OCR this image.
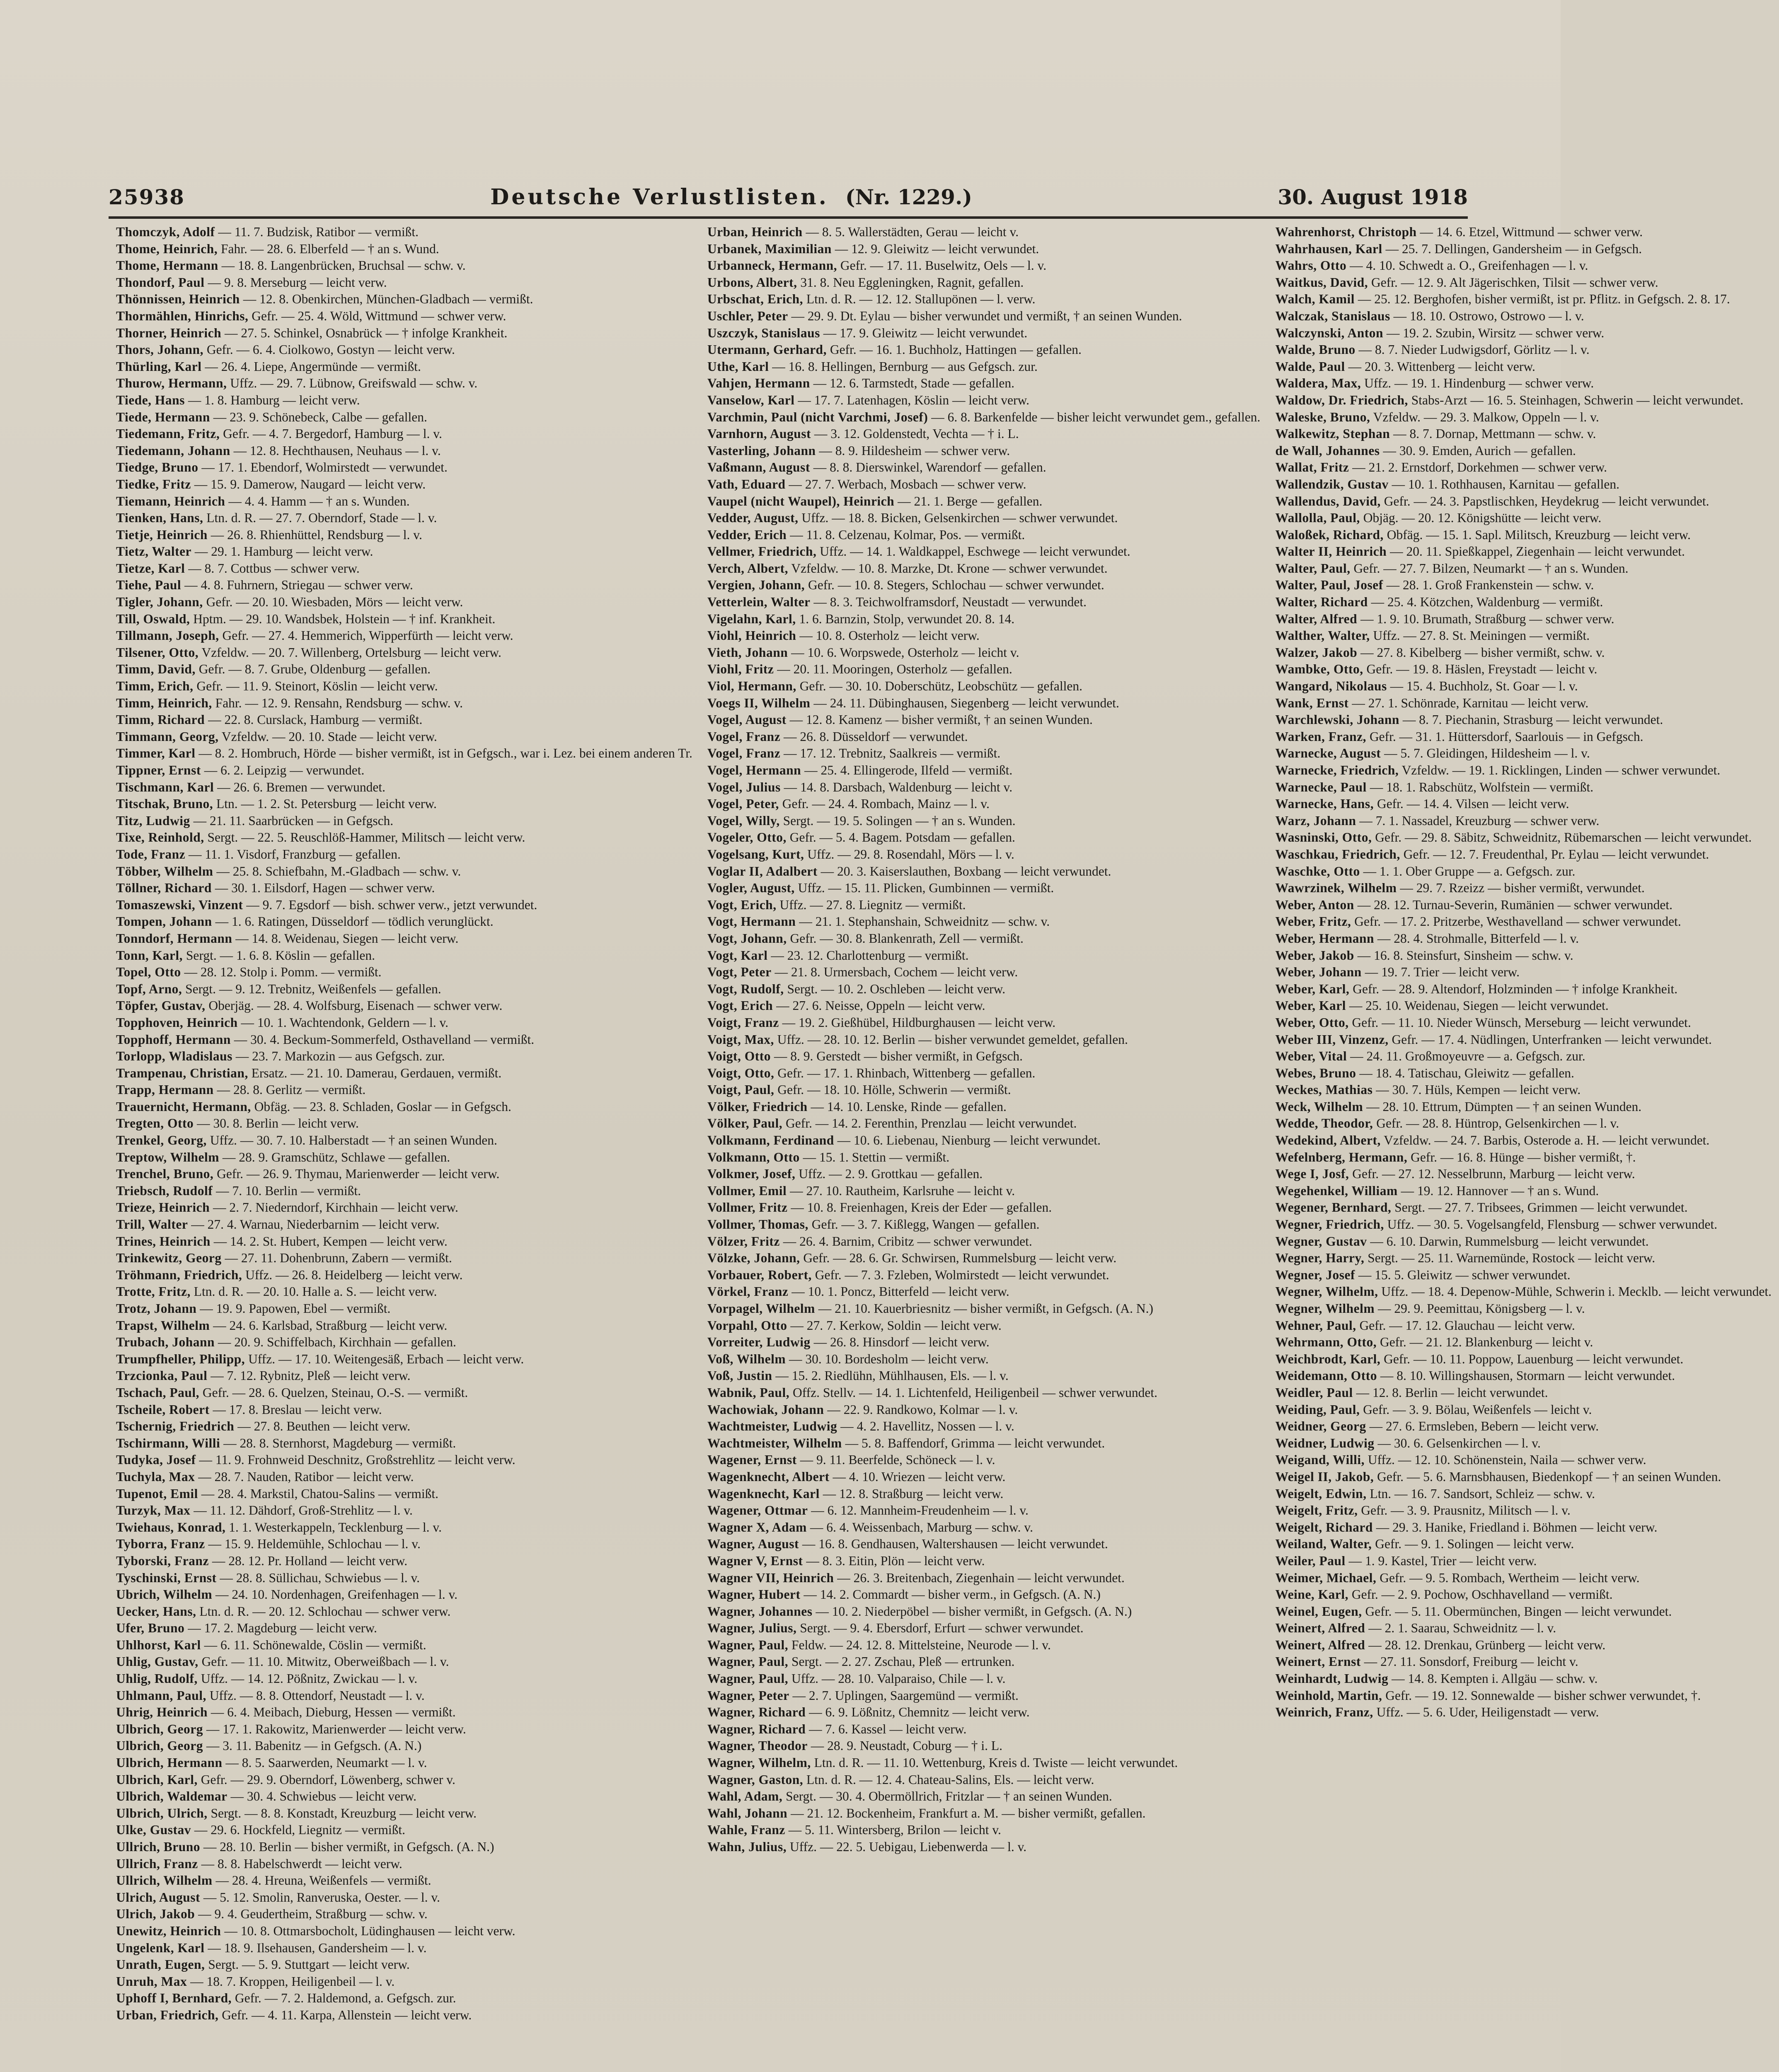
25938	Deutsche Verlustlisten. (Nr. 1229.)	30. August 1918
Thomczyk, Adolf — 11. 7. Budzisk, Ratibor — vermißt.
Thome, Heinrich, Fahr. — 28. 6. Elberfeld — † an s. Wund.
Thome, Hermann — 18. 8. Langenbrücken, Bruchsal — schw. v.
Thondorf, Paul — 9. 8. Merseburg — leicht verw.
Thönnissen, Heinrich — 12. 8. Obenkirchen, München-Gladbach — vermißt.
Thormählen, Hinrichs, Gefr. — 25. 4. Wöld, Wittmund — schwer verw.
Thorner, Heinrich — 27. 5. Schinkel, Osnabrück — † infolge Krankheit.
Thors, Johann, Gefr. — 6. 4. Ciolkowo, Gostyn — leicht verw.
Thürling, Karl — 26. 4. Liepe, Angermünde — vermißt.
Thurow, Hermann, Uffz. — 29. 7. Lübnow, Greifswald — schw. v.
Tiede, Hans — 1. 8. Hamburg — leicht verw.
Tiede, Hermann — 23. 9. Schönebeck, Calbe — gefallen.
Tiedemann, Fritz, Gefr. — 4. 7. Bergedorf, Hamburg — l. v.
Tiedemann, Johann — 12. 8. Hechthausen, Neuhaus — l. v.
Tiedge, Bruno — 17. 1. Ebendorf, Wolmirstedt — verwundet.
Tiedke, Fritz — 15. 9. Damerow, Naugard — leicht verw.
Tiemann, Heinrich — 4. 4. Hamm — † an s. Wunden.
Tienken, Hans, Ltn. d. R. — 27. 7. Oberndorf, Stade — l. v.
Tietje, Heinrich — 26. 8. Rhienhüttel, Rendsburg — l. v.
Tietz, Walter — 29. 1. Hamburg — leicht verw.
Tietze, Karl — 8. 7. Cottbus — schwer verw.
Tiehe, Paul — 4. 8. Fuhrnern, Striegau — schwer verw.
Tigler, Johann, Gefr. — 20. 10. Wiesbaden, Mörs — leicht verw.
Till, Oswald, Hptm. — 29. 10. Wandsbek, Holstein — † inf. Krankheit.
Tillmann, Joseph, Gefr. — 27. 4. Hemmerich, Wipperfürth — leicht verw.
Tilsener, Otto, Vzfeldw. — 20. 7. Willenberg, Ortelsburg — leicht verw.
Timm, David, Gefr. — 8. 7. Grube, Oldenburg — gefallen.
Timm, Erich, Gefr. — 11. 9. Steinort, Köslin — leicht verw.
Timm, Heinrich, Fahr. — 12. 9. Rensahn, Rendsburg — schw. v.
Timm, Richard — 22. 8. Curslack, Hamburg — vermißt.
Timmann, Georg, Vzfeldw. — 20. 10. Stade — leicht verw.
Timmer, Karl — 8. 2. Hombruch, Hörde — bisher vermißt, ist in Gefgsch., war i. Lez. bei einem anderen Tr.
Tippner, Ernst — 6. 2. Leipzig — verwundet.
Tischmann, Karl — 26. 6. Bremen — verwundet.
Titschak, Bruno, Ltn. — 1. 2. St. Petersburg — leicht verw.
Titz, Ludwig — 21. 11. Saarbrücken — in Gefgsch.
Tixe, Reinhold, Sergt. — 22. 5. Reuschlöß-Hammer, Militsch — leicht verw.
Tode, Franz — 11. 1. Visdorf, Franzburg — gefallen.
Többer, Wilhelm — 25. 8. Schiefbahn, M.-Gladbach — schw. v.
Töllner, Richard — 30. 1. Eilsdorf, Hagen — schwer verw.
Tomaszewski, Vinzent — 9. 7. Egsdorf — bish. schwer verw., jetzt verwundet.
Tompen, Johann — 1. 6. Ratingen, Düsseldorf — tödlich verunglückt.
Tonndorf, Hermann — 14. 8. Weidenau, Siegen — leicht verw.
Tonn, Karl, Sergt. — 1. 6. 8. Köslin — gefallen.
Topel, Otto — 28. 12. Stolp i. Pomm. — vermißt.
Topf, Arno, Sergt. — 9. 12. Trebnitz, Weißenfels — gefallen.
Töpfer, Gustav, Oberjäg. — 28. 4. Wolfsburg, Eisenach — schwer verw.
Topphoven, Heinrich — 10. 1. Wachtendonk, Geldern — l. v.
Topphoff, Hermann — 30. 4. Beckum-Sommerfeld, Osthavelland — vermißt.
Torlopp, Wladislaus — 23. 7. Markozin — aus Gefgsch. zur.
Trampenau, Christian, Ersatz. — 21. 10. Damerau, Gerdauen, vermißt.
Trapp, Hermann — 28. 8. Gerlitz — vermißt.
Trauernicht, Hermann, Obfäg. — 23. 8. Schladen, Goslar — in Gefgsch.
Tregten, Otto — 30. 8. Berlin — leicht verw.
Trenkel, Georg, Uffz. — 30. 7. 10. Halberstadt — † an seinen Wunden.
Treptow, Wilhelm — 28. 9. Gramschütz, Schlawe — gefallen.
Trenchel, Bruno, Gefr. — 26. 9. Thymau, Marienwerder — leicht verw.
Triebsch, Rudolf — 7. 10. Berlin — vermißt.
Trieze, Heinrich — 2. 7. Niederndorf, Kirchhain — leicht verw.
Trill, Walter — 27. 4. Warnau, Niederbarnim — leicht verw.
Trines, Heinrich — 14. 2. St. Hubert, Kempen — leicht verw.
Trinkewitz, Georg — 27. 11. Dohenbrunn, Zabern — vermißt.
Tröhmann, Friedrich, Uffz. — 26. 8. Heidelberg — leicht verw.
Trotte, Fritz, Ltn. d. R. — 20. 10. Halle a. S. — leicht verw.
Trotz, Johann — 19. 9. Papowen, Ebel — vermißt.
Trapst, Wilhelm — 24. 6. Karlsbad, Straßburg — leicht verw.
Trubach, Johann — 20. 9. Schiffelbach, Kirchhain — gefallen.
Trumpfheller, Philipp, Uffz. — 17. 10. Weitengesäß, Erbach — leicht verw.
Trzcionka, Paul — 7. 12. Rybnitz, Pleß — leicht verw.
Tschach, Paul, Gefr. — 28. 6. Quelzen, Steinau, O.-S. — vermißt.
Tscheile, Robert — 17. 8. Breslau — leicht verw.
Tschernig, Friedrich — 27. 8. Beuthen — leicht verw.
Tschirmann, Willi — 28. 8. Sternhorst, Magdeburg — vermißt.
Tudyka, Josef — 11. 9. Frohnweid Deschnitz, Großstrehlitz — leicht verw.
Tuchyla, Max — 28. 7. Nauden, Ratibor — leicht verw.
Tupenot, Emil — 28. 4. Markstil, Chatou-Salins — vermißt.
Turzyk, Max — 11. 12. Dähdorf, Groß-Strehlitz — l. v.
Twiehaus, Konrad, 1. 1. Westerkappeln, Tecklenburg — l. v.
Tyborra, Franz — 15. 9. Heldemühle, Schlochau — l. v.
Tyborski, Franz — 28. 12. Pr. Holland — leicht verw.
Tyschinski, Ernst — 28. 8. Süllichau, Schwiebus — l. v.
Ubrich, Wilhelm — 24. 10. Nordenhagen, Greifenhagen — l. v.
Uecker, Hans, Ltn. d. R. — 20. 12. Schlochau — schwer verw.
Ufer, Bruno — 17. 2. Magdeburg — leicht verw.
Uhlhorst, Karl — 6. 11. Schönewalde, Cöslin — vermißt.
Uhlig, Gustav, Gefr. — 11. 10. Mitwitz, Oberweißbach — l. v.
Uhlig, Rudolf, Uffz. — 14. 12. Pößnitz, Zwickau — l. v.
Uhlmann, Paul, Uffz. — 8. 8. Ottendorf, Neustadt — l. v.
Uhrig, Heinrich — 6. 4. Meibach, Dieburg, Hessen — vermißt.
Ulbrich, Georg — 17. 1. Rakowitz, Marienwerder — leicht verw.
Ulbrich, Georg — 3. 11. Babenitz — in Gefgsch. (A. N.)
Ulbrich, Hermann — 8. 5. Saarwerden, Neumarkt — l. v.
Ulbrich, Karl, Gefr. — 29. 9. Oberndorf, Löwenberg, schwer v.
Ulbrich, Waldemar — 30. 4. Schwiebus — leicht verw.
Ulbrich, Ulrich, Sergt. — 8. 8. Konstadt, Kreuzburg — leicht verw.
Ulke, Gustav — 29. 6. Hockfeld, Liegnitz — vermißt.
Ullrich, Bruno — 28. 10. Berlin — bisher vermißt, in Gefgsch. (A. N.)
Ullrich, Franz — 8. 8. Habelschwerdt — leicht verw.
Ullrich, Wilhelm — 28. 4. Hreuna, Weißenfels — vermißt.
Ulrich, August — 5. 12. Smolin, Ranveruska, Oester. — l. v.
Ulrich, Jakob — 9. 4. Geudertheim, Straßburg — schw. v.
Unewitz, Heinrich — 10. 8. Ottmarsbocholt, Lüdinghausen — leicht verw.
Ungelenk, Karl — 18. 9. Ilsehausen, Gandersheim — l. v.
Unrath, Eugen, Sergt. — 5. 9. Stuttgart — leicht verw.
Unruh, Max — 18. 7. Kroppen, Heiligenbeil — l. v.
Uphoff I, Bernhard, Gefr. — 7. 2. Haldemond, a. Gefgsch. zur.
Urban, Friedrich, Gefr. — 4. 11. Karpa, Allenstein — leicht verw.
Urban, Heinrich — 8. 5. Wallerstädten, Gerau — leicht v.
Urbanek, Maximilian — 12. 9. Gleiwitz — leicht verwundet.
Urbanneck, Hermann, Gefr. — 17. 11. Buselwitz, Oels — l. v.
Urbons, Albert, 31. 8. Neu Eggleningken, Ragnit, gefallen.
Urbschat, Erich, Ltn. d. R. — 12. 12. Stallupönen — l. verw.
Uschler, Peter — 29. 9. Dt. Eylau — bisher verwundet und vermißt, † an seinen Wunden.
Uszczyk, Stanislaus — 17. 9. Gleiwitz — leicht verwundet.
Utermann, Gerhard, Gefr. — 16. 1. Buchholz, Hattingen — gefallen.
Uthe, Karl — 16. 8. Hellingen, Bernburg — aus Gefgsch. zur.
Vahjen, Hermann — 12. 6. Tarmstedt, Stade — gefallen.
Vanselow, Karl — 17. 7. Latenhagen, Köslin — leicht verw.
Varchmin, Paul (nicht Varchmi, Josef) — 6. 8. Barkenfelde — bisher leicht verwundet gem., gefallen.
Varnhorn, August — 3. 12. Goldenstedt, Vechta — † i. L.
Vasterling, Johann — 8. 9. Hildesheim — schwer verw.
Vaßmann, August — 8. 8. Dierswinkel, Warendorf — gefallen.
Vath, Eduard — 27. 7. Werbach, Mosbach — schwer verw.
Vaupel (nicht Waupel), Heinrich — 21. 1. Berge — gefallen.
Vedder, August, Uffz. — 18. 8. Bicken, Gelsenkirchen — schwer verwundet.
Vedder, Erich — 11. 8. Celzenau, Kolmar, Pos. — vermißt.
Vellmer, Friedrich, Uffz. — 14. 1. Waldkappel, Eschwege — leicht verwundet.
Verch, Albert, Vzfeldw. — 10. 8. Marzke, Dt. Krone — schwer verwundet.
Vergien, Johann, Gefr. — 10. 8. Stegers, Schlochau — schwer verwundet.
Vetterlein, Walter — 8. 3. Teichwolframsdorf, Neustadt — verwundet.
Vigelahn, Karl, 1. 6. Barnzin, Stolp, verwundet 20. 8. 14.
Viohl, Heinrich — 10. 8. Osterholz — leicht verw.
Vieth, Johann — 10. 6. Worpswede, Osterholz — leicht v.
Viohl, Fritz — 20. 11. Mooringen, Osterholz — gefallen.
Viol, Hermann, Gefr. — 30. 10. Doberschütz, Leobschütz — gefallen.
Voegs II, Wilhelm — 24. 11. Dübinghausen, Siegenberg — leicht verwundet.
Vogel, August — 12. 8. Kamenz — bisher vermißt, † an seinen Wunden.
Vogel, Franz — 26. 8. Düsseldorf — verwundet.
Vogel, Franz — 17. 12. Trebnitz, Saalkreis — vermißt.
Vogel, Hermann — 25. 4. Ellingerode, Ilfeld — vermißt.
Vogel, Julius — 14. 8. Darsbach, Waldenburg — leicht v.
Vogel, Peter, Gefr. — 24. 4. Rombach, Mainz — l. v.
Vogel, Willy, Sergt. — 19. 5. Solingen — † an s. Wunden.
Vogeler, Otto, Gefr. — 5. 4. Bagem. Potsdam — gefallen.
Vogelsang, Kurt, Uffz. — 29. 8. Rosendahl, Mörs — l. v.
Voglar II, Adalbert — 20. 3. Kaiserslauthen, Boxbang — leicht verwundet.
Vogler, August, Uffz. — 15. 11. Plicken, Gumbinnen — vermißt.
Vogt, Erich, Uffz. — 27. 8. Liegnitz — vermißt.
Vogt, Hermann — 21. 1. Stephanshain, Schweidnitz — schw. v.
Vogt, Johann, Gefr. — 30. 8. Blankenrath, Zell — vermißt.
Vogt, Karl — 23. 12. Charlottenburg — vermißt.
Vogt, Peter — 21. 8. Urmersbach, Cochem — leicht verw.
Vogt, Rudolf, Sergt. — 10. 2. Oschleben — leicht verw.
Vogt, Erich — 27. 6. Neisse, Oppeln — leicht verw.
Voigt, Franz — 19. 2. Gießhübel, Hildburghausen — leicht verw.
Voigt, Max, Uffz. — 28. 10. 12. Berlin — bisher verwundet gemeldet, gefallen.
Voigt, Otto — 8. 9. Gerstedt — bisher vermißt, in Gefgsch.
Voigt, Otto, Gefr. — 17. 1. Rhinbach, Wittenberg — gefallen.
Voigt, Paul, Gefr. — 18. 10. Hölle, Schwerin — vermißt.
Völker, Friedrich — 14. 10. Lenske, Rinde — gefallen.
Völker, Paul, Gefr. — 14. 2. Ferenthin, Prenzlau — leicht verwundet.
Volkmann, Ferdinand — 10. 6. Liebenau, Nienburg — leicht verwundet.
Volkmann, Otto — 15. 1. Stettin — vermißt.
Volkmer, Josef, Uffz. — 2. 9. Grottkau — gefallen.
Vollmer, Emil — 27. 10. Rautheim, Karlsruhe — leicht v.
Vollmer, Fritz — 10. 8. Freienhagen, Kreis der Eder — gefallen.
Vollmer, Thomas, Gefr. — 3. 7. Kißlegg, Wangen — gefallen.
Völzer, Fritz — 26. 4. Barnim, Cribitz — schwer verwundet.
Völzke, Johann, Gefr. — 28. 6. Gr. Schwirsen, Rummelsburg — leicht verw.
Vorbauer, Robert, Gefr. — 7. 3. Fzleben, Wolmirstedt — leicht verwundet.
Vörkel, Franz — 10. 1. Poncz, Bitterfeld — leicht verw.
Vorpagel, Wilhelm — 21. 10. Kauerbriesnitz — bisher vermißt, in Gefgsch. (A. N.)
Vorpahl, Otto — 27. 7. Kerkow, Soldin — leicht verw.
Vorreiter, Ludwig — 26. 8. Hinsdorf — leicht verw.
Voß, Wilhelm — 30. 10. Bordesholm — leicht verw.
Voß, Justin — 15. 2. Riedlühn, Mühlhausen, Els. — l. v.
Wabnik, Paul, Offz. Stellv. — 14. 1. Lichtenfeld, Heiligenbeil — schwer verwundet.
Wachowiak, Johann — 22. 9. Randkowo, Kolmar — l. v.
Wachtmeister, Ludwig — 4. 2. Havellitz, Nossen — l. v.
Wachtmeister, Wilhelm — 5. 8. Baffendorf, Grimma — leicht verwundet.
Wagener, Ernst — 9. 11. Beerfelde, Schöneck — l. v.
Wagenknecht, Albert — 4. 10. Wriezen — leicht verw.
Wagenknecht, Karl — 12. 8. Straßburg — leicht verw.
Wagener, Ottmar — 6. 12. Mannheim-Freudenheim — l. v.
Wagner X, Adam — 6. 4. Weissenbach, Marburg — schw. v.
Wagner, August — 16. 8. Gendhausen, Waltershausen — leicht verwundet.
Wagner V, Ernst — 8. 3. Eitin, Plön — leicht verw.
Wagner VII, Heinrich — 26. 3. Breitenbach, Ziegenhain — leicht verwundet.
Wagner, Hubert — 14. 2. Commardt — bisher verm., in Gefgsch. (A. N.)
Wagner, Johannes — 10. 2. Niederpöbel — bisher vermißt, in Gefgsch. (A. N.)
Wagner, Julius, Sergt. — 9. 4. Ebersdorf, Erfurt — schwer verwundet.
Wagner, Paul, Feldw. — 24. 12. 8. Mittelsteine, Neurode — l. v.
Wagner, Paul, Sergt. — 2. 27. Zschau, Pleß — ertrunken.
Wagner, Paul, Uffz. — 28. 10. Valparaiso, Chile — l. v.
Wagner, Peter — 2. 7. Uplingen, Saargemünd — vermißt.
Wagner, Richard — 6. 9. Lößnitz, Chemnitz — leicht verw.
Wagner, Richard — 7. 6. Kassel — leicht verw.
Wagner, Theodor — 28. 9. Neustadt, Coburg — † i. L.
Wagner, Wilhelm, Ltn. d. R. — 11. 10. Wettenburg, Kreis d. Twiste — leicht verwundet.
Wagner, Gaston, Ltn. d. R. — 12. 4. Chateau-Salins, Els. — leicht verw.
Wahl, Adam, Sergt. — 30. 4. Obermöllrich, Fritzlar — † an seinen Wunden.
Wahl, Johann — 21. 12. Bockenheim, Frankfurt a. M. — bisher vermißt, gefallen.
Wahle, Franz — 5. 11. Wintersberg, Brilon — leicht v.
Wahn, Julius, Uffz. — 22. 5. Uebigau, Liebenwerda — l. v.
Wahrenhorst, Christoph — 14. 6. Etzel, Wittmund — schwer verw.
Wahrhausen, Karl — 25. 7. Dellingen, Gandersheim — in Gefgsch.
Wahrs, Otto — 4. 10. Schwedt a. O., Greifenhagen — l. v.
Waitkus, David, Gefr. — 12. 9. Alt Jägerischken, Tilsit — schwer verw.
Walch, Kamil — 25. 12. Berghofen, bisher vermißt, ist pr. Pflitz. in Gefgsch. 2. 8. 17.
Walczak, Stanislaus — 18. 10. Ostrowo, Ostrowo — l. v.
Walczynski, Anton — 19. 2. Szubin, Wirsitz — schwer verw.
Walde, Bruno — 8. 7. Nieder Ludwigsdorf, Görlitz — l. v.
Walde, Paul — 20. 3. Wittenberg — leicht verw.
Waldera, Max, Uffz. — 19. 1. Hindenburg — schwer verw.
Waldow, Dr. Friedrich, Stabs-Arzt — 16. 5. Steinhagen, Schwerin — leicht verwundet.
Waleske, Bruno, Vzfeldw. — 29. 3. Malkow, Oppeln — l. v.
Walkewitz, Stephan — 8. 7. Dornap, Mettmann — schw. v.
de Wall, Johannes — 30. 9. Emden, Aurich — gefallen.
Wallat, Fritz — 21. 2. Ernstdorf, Dorkehmen — schwer verw.
Wallendzik, Gustav — 10. 1. Rothhausen, Karnitau — gefallen.
Wallendus, David, Gefr. — 24. 3. Papstlischken, Heydekrug — leicht verwundet.
Wallolla, Paul, Objäg. — 20. 12. Königshütte — leicht verw.
Waloßek, Richard, Obfäg. — 15. 1. Sapl. Militsch, Kreuzburg — leicht verw.
Walter II, Heinrich — 20. 11. Spießkappel, Ziegenhain — leicht verwundet.
Walter, Paul, Gefr. — 27. 7. Bilzen, Neumarkt — † an s. Wunden.
Walter, Paul, Josef — 28. 1. Groß Frankenstein — schw. v.
Walter, Richard — 25. 4. Kötzchen, Waldenburg — vermißt.
Walter, Alfred — 1. 9. 10. Brumath, Straßburg — schwer verw.
Walther, Walter, Uffz. — 27. 8. St. Meiningen — vermißt.
Walzer, Jakob — 27. 8. Kibelberg — bisher vermißt, schw. v.
Wambke, Otto, Gefr. — 19. 8. Häslen, Freystadt — leicht v.
Wangard, Nikolaus — 15. 4. Buchholz, St. Goar — l. v.
Wank, Ernst — 27. 1. Schönrade, Karnitau — leicht verw.
Warchlewski, Johann — 8. 7. Piechanin, Strasburg — leicht verwundet.
Warken, Franz, Gefr. — 31. 1. Hüttersdorf, Saarlouis — in Gefgsch.
Warnecke, August — 5. 7. Gleidingen, Hildesheim — l. v.
Warnecke, Friedrich, Vzfeldw. — 19. 1. Ricklingen, Linden — schwer verwundet.
Warnecke, Paul — 18. 1. Rabschütz, Wolfstein — vermißt.
Warnecke, Hans, Gefr. — 14. 4. Vilsen — leicht verw.
Warz, Johann — 7. 1. Nassadel, Kreuzburg — schwer verw.
Wasninski, Otto, Gefr. — 29. 8. Säbitz, Schweidnitz, Rübemarschen — leicht verwundet.
Waschkau, Friedrich, Gefr. — 12. 7. Freudenthal, Pr. Eylau — leicht verwundet.
Waschke, Otto — 1. 1. Ober Gruppe — a. Gefgsch. zur.
Wawrzinek, Wilhelm — 29. 7. Rzeizz — bisher vermißt, verwundet.
Weber, Anton — 28. 12. Turnau-Severin, Rumänien — schwer verwundet.
Weber, Fritz, Gefr. — 17. 2. Pritzerbe, Westhavelland — schwer verwundet.
Weber, Hermann — 28. 4. Strohmalle, Bitterfeld — l. v.
Weber, Jakob — 16. 8. Steinsfurt, Sinsheim — schw. v.
Weber, Johann — 19. 7. Trier — leicht verw.
Weber, Karl, Gefr. — 28. 9. Altendorf, Holzminden — † infolge Krankheit.
Weber, Karl — 25. 10. Weidenau, Siegen — leicht verwundet.
Weber, Otto, Gefr. — 11. 10. Nieder Wünsch, Merseburg — leicht verwundet.
Weber III, Vinzenz, Gefr. — 17. 4. Nüdlingen, Unterfranken — leicht verwundet.
Weber, Vital — 24. 11. Großmoyeuvre — a. Gefgsch. zur.
Webes, Bruno — 18. 4. Tatischau, Gleiwitz — gefallen.
Weckes, Mathias — 30. 7. Hüls, Kempen — leicht verw.
Weck, Wilhelm — 28. 10. Ettrum, Dümpten — † an seinen Wunden.
Wedde, Theodor, Gefr. — 28. 8. Hüntrop, Gelsenkirchen — l. v.
Wedekind, Albert, Vzfeldw. — 24. 7. Barbis, Osterode a. H. — leicht verwundet.
Wefelnberg, Hermann, Gefr. — 16. 8. Hünge — bisher vermißt, †.
Wege I, Josf, Gefr. — 27. 12. Nesselbrunn, Marburg — leicht verw.
Wegehenkel, William — 19. 12. Hannover — † an s. Wund.
Wegener, Bernhard, Sergt. — 27. 7. Tribsees, Grimmen — leicht verwundet.
Wegner, Friedrich, Uffz. — 30. 5. Vogelsangfeld, Flensburg — schwer verwundet.
Wegner, Gustav — 6. 10. Darwin, Rummelsburg — leicht verwundet.
Wegner, Harry, Sergt. — 25. 11. Warnemünde, Rostock — leicht verw.
Wegner, Josef — 15. 5. Gleiwitz — schwer verwundet.
Wegner, Wilhelm, Uffz. — 18. 4. Depenow-Mühle, Schwerin i. Mecklb. — leicht verwundet.
Wegner, Wilhelm — 29. 9. Peemittau, Königsberg — l. v.
Wehner, Paul, Gefr. — 17. 12. Glauchau — leicht verw.
Wehrmann, Otto, Gefr. — 21. 12. Blankenburg — leicht v.
Weichbrodt, Karl, Gefr. — 10. 11. Poppow, Lauenburg — leicht verwundet.
Weidemann, Otto — 8. 10. Willingshausen, Stormarn — leicht verwundet.
Weidler, Paul — 12. 8. Berlin — leicht verwundet.
Weiding, Paul, Gefr. — 3. 9. Bölau, Weißenfels — leicht v.
Weidner, Georg — 27. 6. Ermsleben, Bebern — leicht verw.
Weidner, Ludwig — 30. 6. Gelsenkirchen — l. v.
Weigand, Willi, Uffz. — 12. 10. Schönenstein, Naila — schwer verw.
Weigel II, Jakob, Gefr. — 5. 6. Marnsbhausen, Biedenkopf — † an seinen Wunden.
Weigelt, Edwin, Ltn. — 16. 7. Sandsort, Schleiz — schw. v.
Weigelt, Fritz, Gefr. — 3. 9. Prausnitz, Militsch — l. v.
Weigelt, Richard — 29. 3. Hanike, Friedland i. Böhmen — leicht verw.
Weiland, Walter, Gefr. — 9. 1. Solingen — leicht verw.
Weiler, Paul — 1. 9. Kastel, Trier — leicht verw.
Weimer, Michael, Gefr. — 9. 5. Rombach, Wertheim — leicht verw.
Weine, Karl, Gefr. — 2. 9. Pochow, Oschhavelland — vermißt.
Weinel, Eugen, Gefr. — 5. 11. Obermünchen, Bingen — leicht verwundet.
Weinert, Alfred — 2. 1. Saarau, Schweidnitz — l. v.
Weinert, Alfred — 28. 12. Drenkau, Grünberg — leicht verw.
Weinert, Ernst — 27. 11. Sonsdorf, Freiburg — leicht v.
Weinhardt, Ludwig — 14. 8. Kempten i. Allgäu — schw. v.
Weinhold, Martin, Gefr. — 19. 12. Sonnewalde — bisher schwer verwundet, †.
Weinrich, Franz, Uffz. — 5. 6. Uder, Heiligenstadt — verw.
